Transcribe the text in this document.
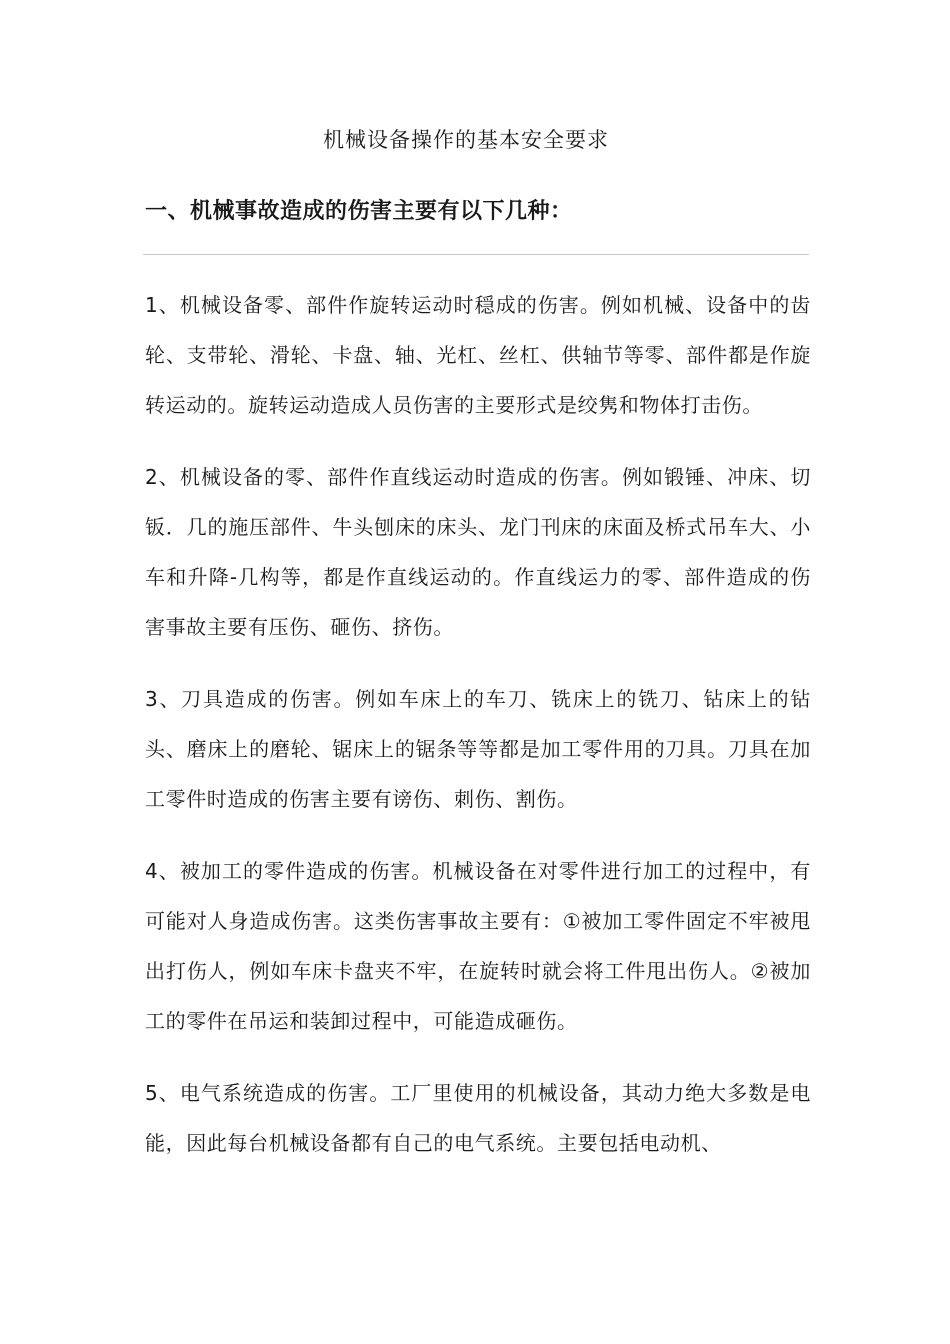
机械设备操作的基本安全要求
一、机械事故造成的伤害主要有以下几种：

1、机械设备零、部件作旋转运动时穏成的伤害。例如机械、设备中的齿轮、支带轮、滑轮、卡盘、轴、光杠、丝杠、供轴节等零、部件都是作旋转运动的。旋转运动造成人员伤害的主要形式是绞隽和物体打击伤。

2、机械设备的零、部件作直线运动时造成的伤害。例如锻锤、冲床、切钣．几的施压部件、牛头刨床的床头、龙门刊床的床面及桥式吊车大、小车和升降-几构等，都是作直线运动的。作直线运力的零、部件造成的伤害事故主要有压伤、砸伤、挤伤。

3、刀具造成的伤害。例如车床上的车刀、铣床上的铣刀、钻床上的钻头、磨床上的磨轮、锯床上的锯条等等都是加工零件用的刀具。刀具在加工零件时造成的伤害主要有谤伤、刺伤、割伤。

4、被加工的零件造成的伤害。机械设备在对零件进行加工的过程中，有可能对人身造成伤害。这类伤害事故主要有：①被加工零件固定不牢被甩出打伤人，例如车床卡盘夹不牢，在旋转时就会将工件甩出伤人。②被加工的零件在吊运和装卸过程中，可能造成砸伤。

5、电气系统造成的伤害。工厂里使用的机械设备，其动力绝大多数是电能，因此每台机械设备都有自己的电气系统。主要包括电动机、
